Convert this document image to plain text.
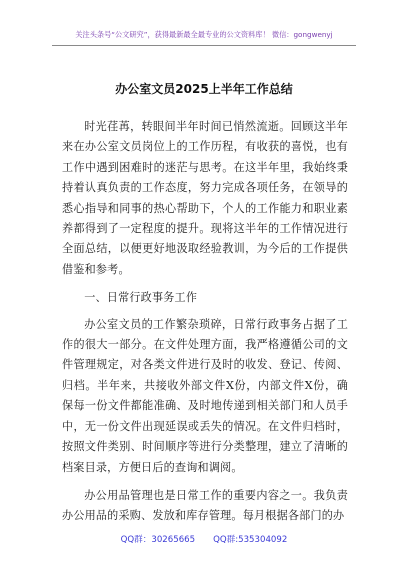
关注头条号“公文研究”，获得最新最全最专业的公文资料库！ 微信：gongwenyj
办公室文员2025上半年工作总结

时光荏苒，转眼间半年时间已悄然流逝。回顾这半年来在办公室文员岗位上的工作历程，有收获的喜悦，也有工作中遇到困难时的迷茫与思考。在这半年里，我始终秉持着认真负责的工作态度，努力完成各项任务，在领导的悉心指导和同事的热心帮助下，个人的工作能力和职业素养都得到了一定程度的提升。现将这半年的工作情况进行全面总结，以便更好地汲取经验教训，为今后的工作提供借鉴和参考。

一、日常行政事务工作

办公室文员的工作繁杂琐碎，日常行政事务占据了工作的很大一部分。在文件处理方面，我严格遵循公司的文件管理规定，对各类文件进行及时的收发、登记、传阅、归档。半年来，共接收外部文件X份，内部文件X份，确保每一份文件都能准确、及时地传递到相关部门和人员手中，无一份文件出现延误或丢失的情况。在文件归档时，按照文件类别、时间顺序等进行分类整理，建立了清晰的档案目录，方便日后的查询和调阅。

办公用品管理也是日常工作的重要内容之一。我负责办公用品的采购、发放和库存管理。每月根据各部门的办

QQ群：30265665 QQ群:535304092
